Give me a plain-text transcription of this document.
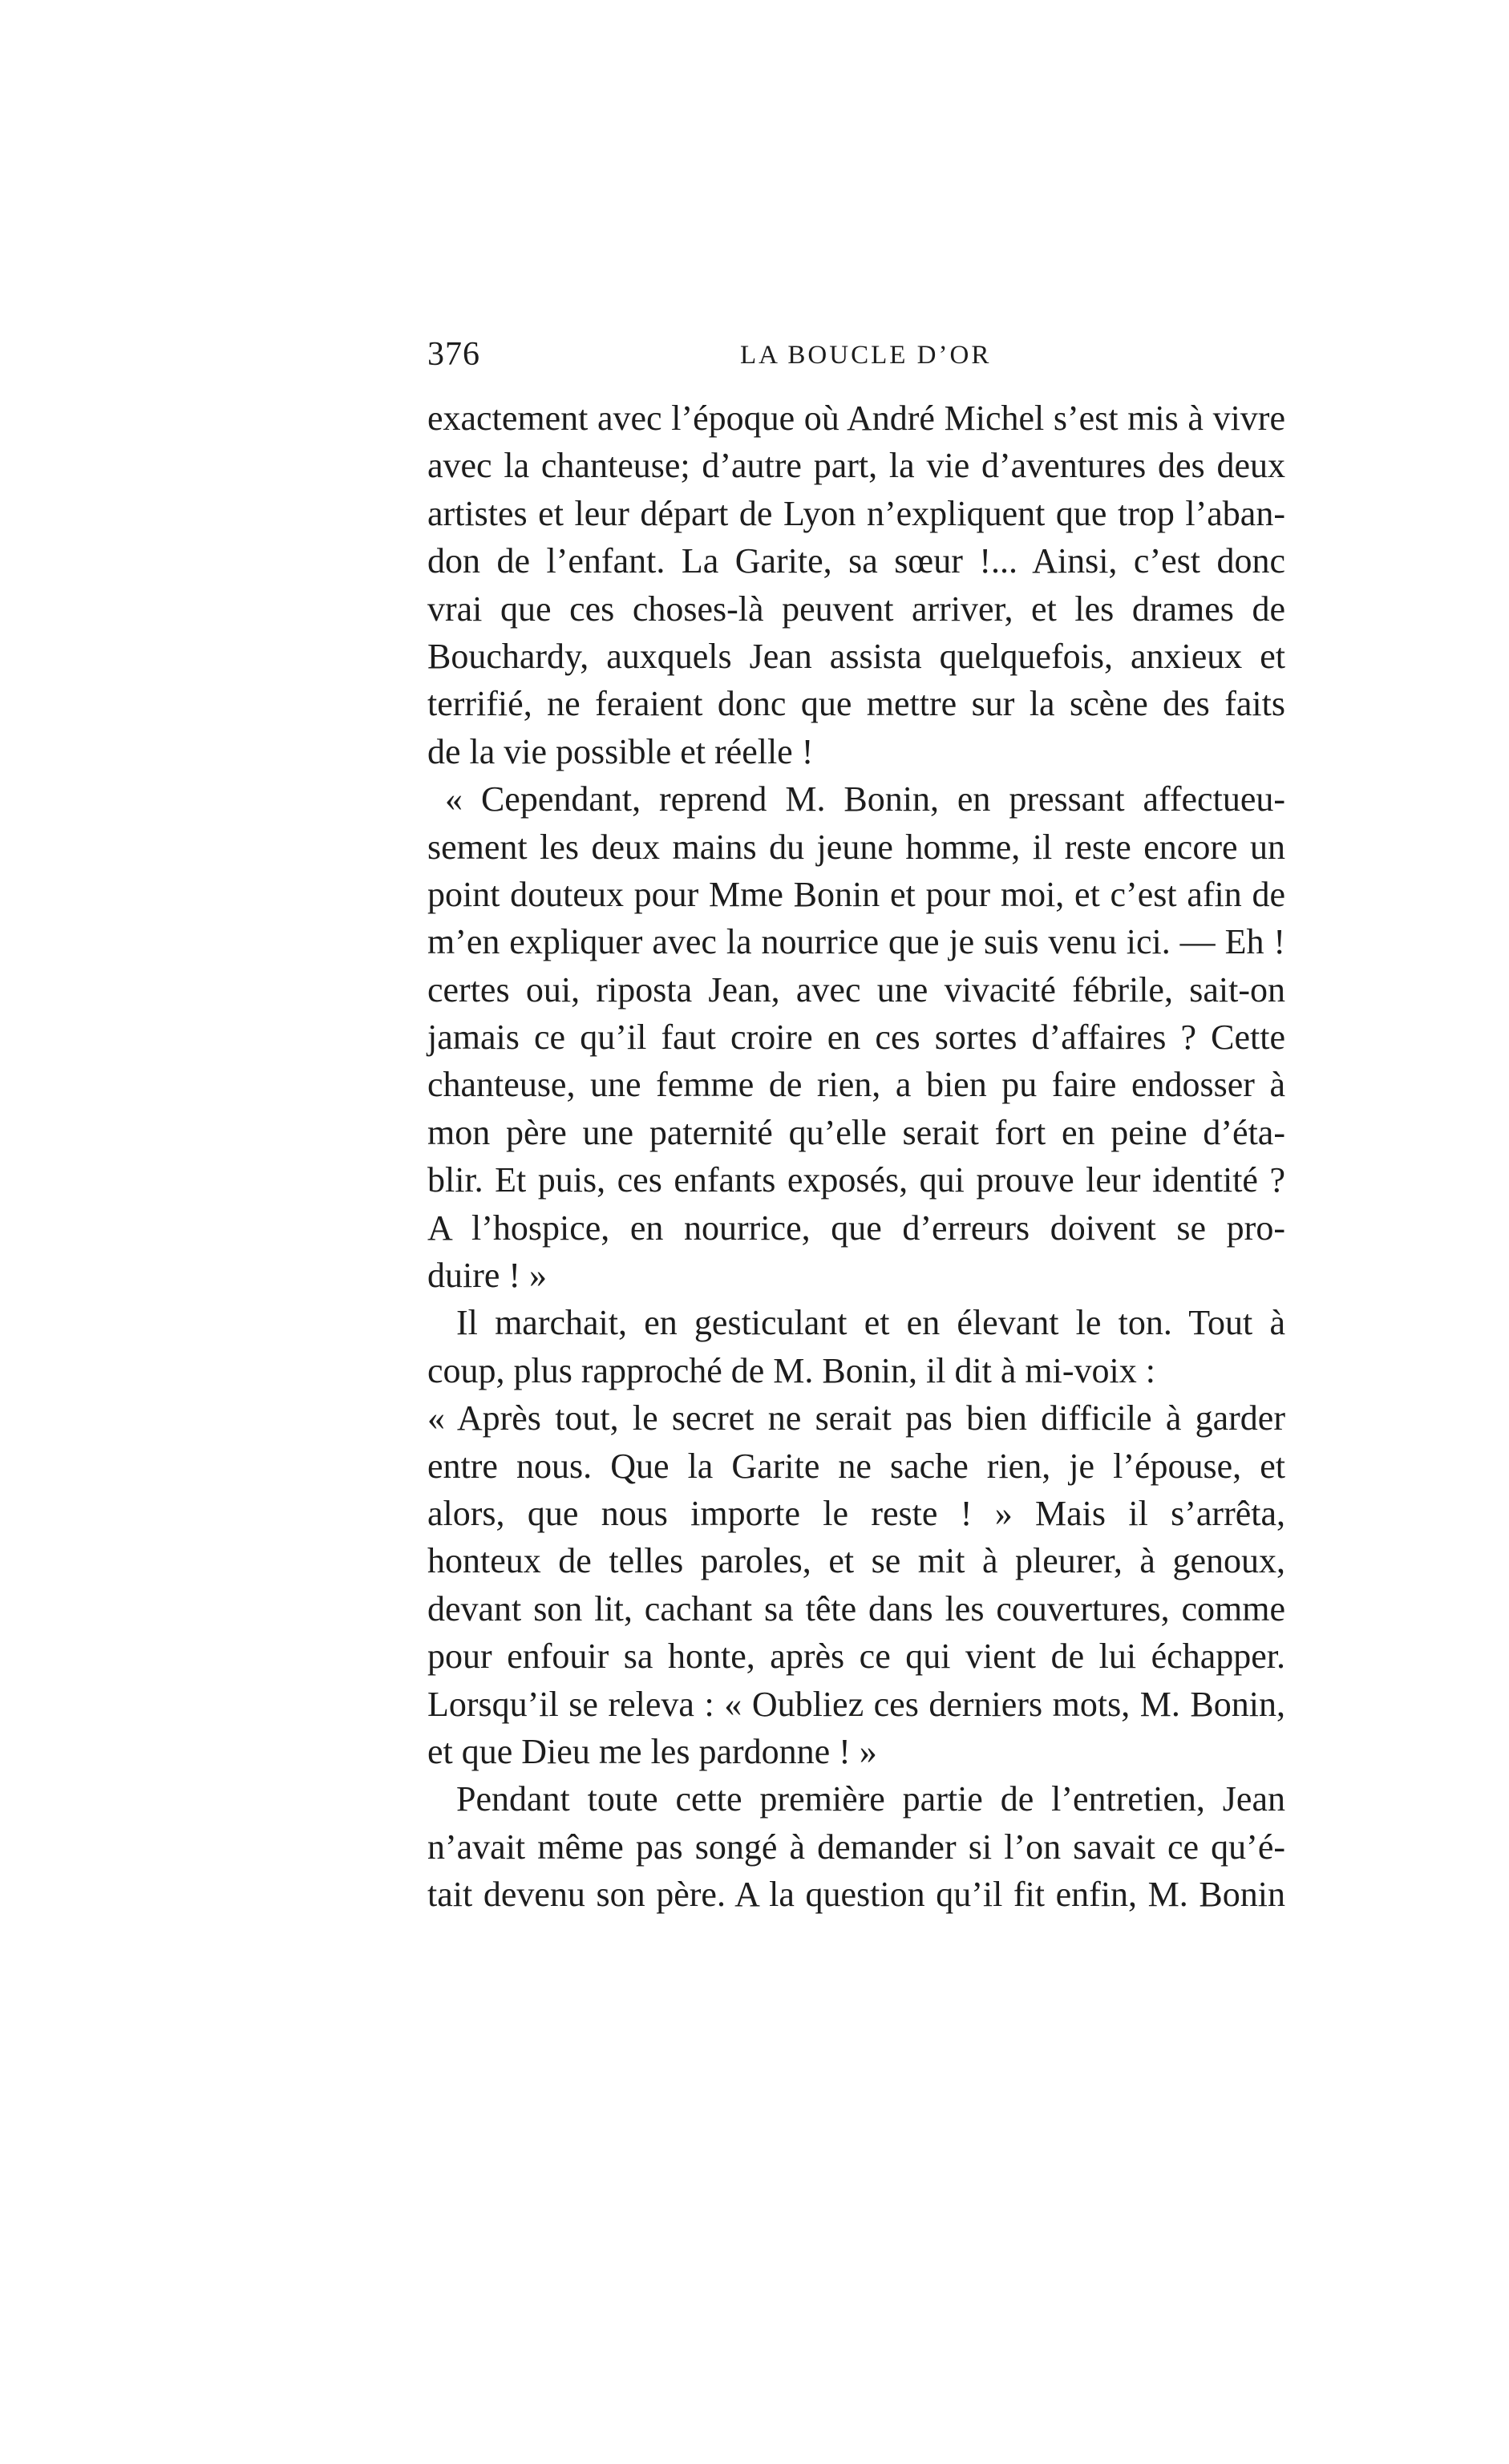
376	LA BOUCLE D’OR
exactement avec l’époque où André Michel s’est mis à vivre
avec la chanteuse; d’autre part, la vie d’aventures des deux
artistes et leur départ de Lyon n’expliquent que trop l’aban-
don de l’enfant. La Garite, sa sœur !... Ainsi, c’est donc
vrai que ces choses-là peuvent arriver, et les drames de
Bouchardy, auxquels Jean assista quelquefois, anxieux et
terrifié, ne feraient donc que mettre sur la scène des faits
de la vie possible et réelle !
« Cependant, reprend M. Bonin, en pressant affectueu-
sement les deux mains du jeune homme, il reste encore un
point douteux pour Mme Bonin et pour moi, et c’est afin de
m’en expliquer avec la nourrice que je suis venu ici. — Eh !
certes oui, riposta Jean, avec une vivacité fébrile, sait-on
jamais ce qu’il faut croire en ces sortes d’affaires ? Cette
chanteuse, une femme de rien, a bien pu faire endosser à
mon père une paternité qu’elle serait fort en peine d’éta-
blir. Et puis, ces enfants exposés, qui prouve leur identité ?
A l’hospice, en nourrice, que d’erreurs doivent se pro-
duire ! »
Il marchait, en gesticulant et en élevant le ton. Tout à
coup, plus rapproché de M. Bonin, il dit à mi-voix :
« Après tout, le secret ne serait pas bien difficile à garder
entre nous. Que la Garite ne sache rien, je l’épouse, et
alors, que nous importe le reste ! » Mais il s’arrêta,
honteux de telles paroles, et se mit à pleurer, à genoux,
devant son lit, cachant sa tête dans les couvertures, comme
pour enfouir sa honte, après ce qui vient de lui échapper.
Lorsqu’il se releva : « Oubliez ces derniers mots, M. Bonin,
et que Dieu me les pardonne ! »
Pendant toute cette première partie de l’entretien, Jean
n’avait même pas songé à demander si l’on savait ce qu’é-
tait devenu son père. A la question qu’il fit enfin, M. Bonin
